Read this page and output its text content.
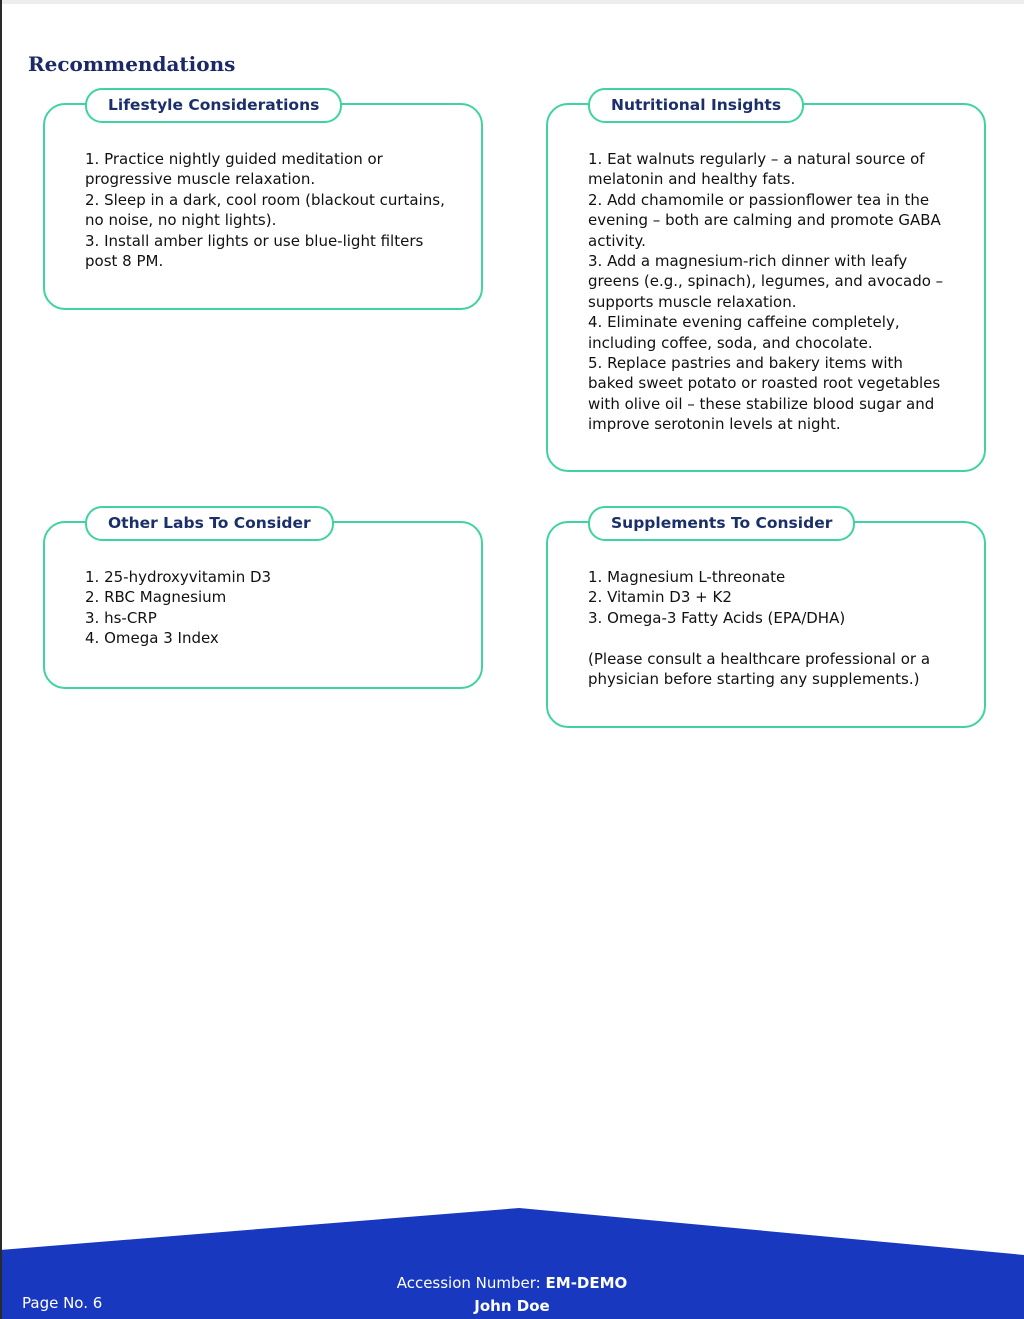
Recommendations
Lifestyle Considerations
1. Practice nightly guided meditation or progressive muscle relaxation.
2. Sleep in a dark, cool room (blackout curtains, no noise, no night lights).
3. Install amber lights or use blue-light filters post 8 PM.
Nutritional Insights
1. Eat walnuts regularly – a natural source of melatonin and healthy fats.
2. Add chamomile or passionflower tea in the evening – both are calming and promote GABA activity.
3. Add a magnesium-rich dinner with leafy greens (e.g., spinach), legumes, and avocado – supports muscle relaxation.
4. Eliminate evening caffeine completely, including coffee, soda, and chocolate.
5. Replace pastries and bakery items with baked sweet potato or roasted root vegetables with olive oil – these stabilize blood sugar and improve serotonin levels at night.
Other Labs To Consider
1. 25-hydroxyvitamin D3
2. RBC Magnesium
3. hs-CRP
4. Omega 3 Index
Supplements To Consider
1. Magnesium L-threonate
2. Vitamin D3 + K2
3. Omega-3 Fatty Acids (EPA/DHA)
(Please consult a healthcare professional or a physician before starting any supplements.)

Accession Number: EM-DEMO

John Doe

Page No. 6
